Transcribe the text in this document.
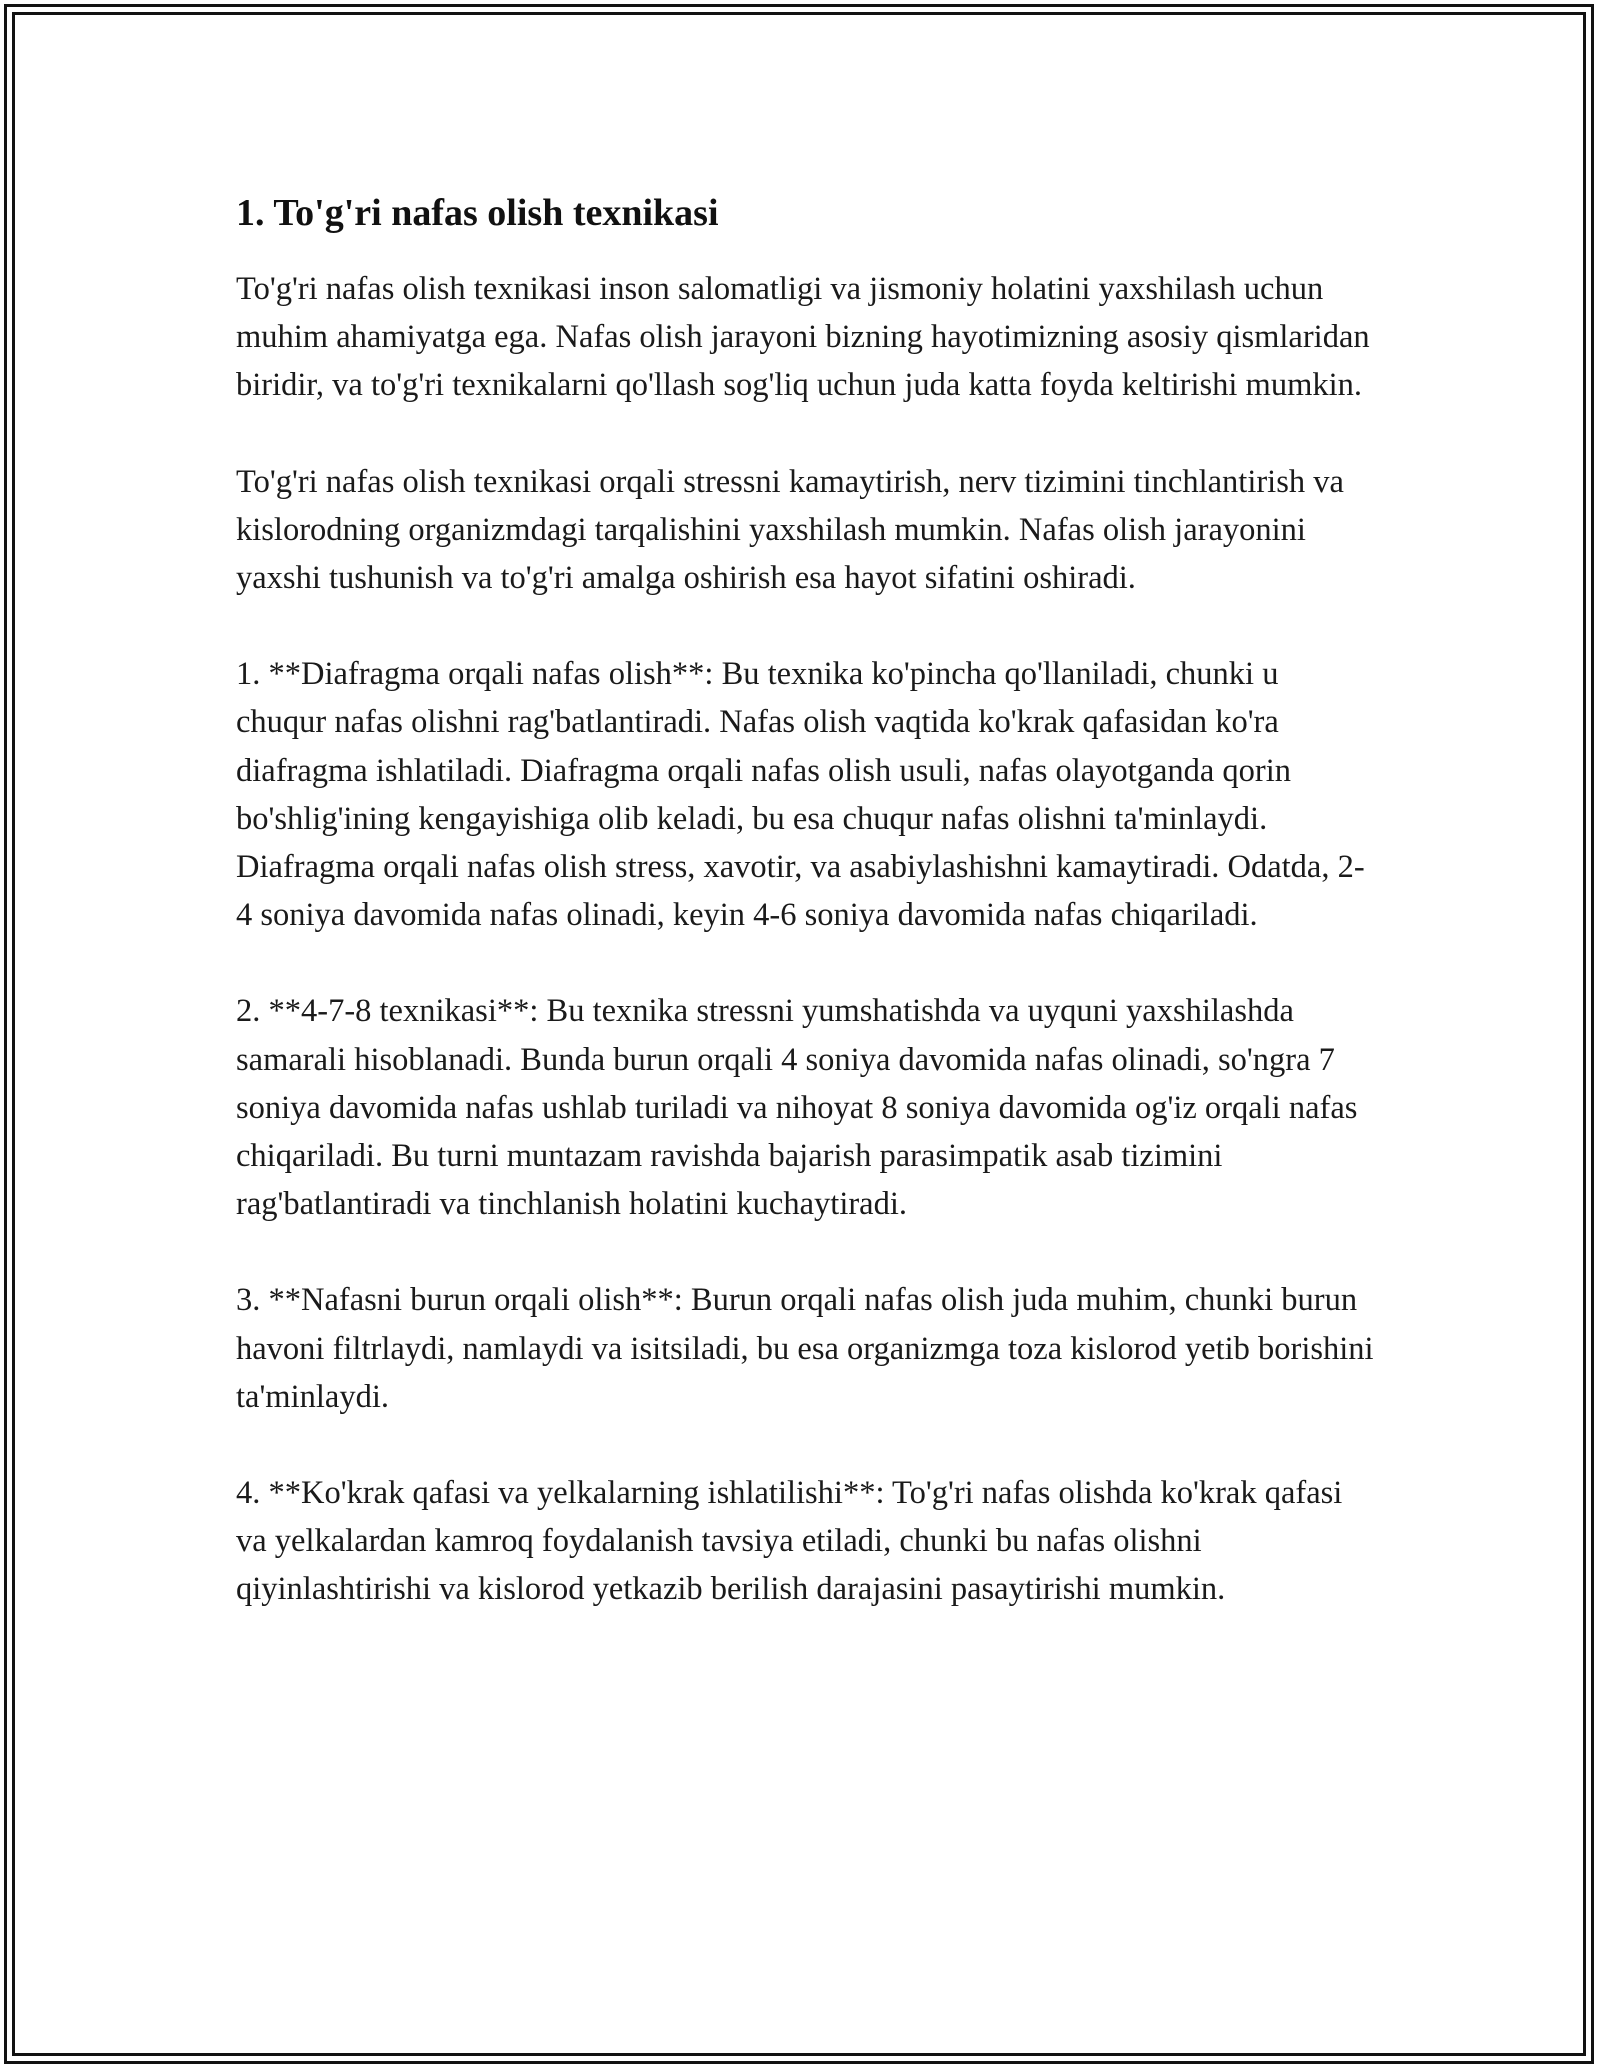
1. To'g'ri nafas olish texnikasi

To'g'ri nafas olish texnikasi inson salomatligi va jismoniy holatini yaxshilash uchun muhim ahamiyatga ega. Nafas olish jarayoni bizning hayotimizning asosiy qismlaridan biridir, va to'g'ri texnikalarni qo'llash sog'liq uchun juda katta foyda keltirishi mumkin.

To'g'ri nafas olish texnikasi orqali stressni kamaytirish, nerv tizimini tinchlantirish va kislorodning organizmdagi tarqalishini yaxshilash mumkin. Nafas olish jarayonini yaxshi tushunish va to'g'ri amalga oshirish esa hayot sifatini oshiradi.

1. **Diafragma orqali nafas olish**: Bu texnika ko'pincha qo'llaniladi, chunki u chuqur nafas olishni rag'batlantiradi. Nafas olish vaqtida ko'krak qafasidan ko'ra diafragma ishlatiladi. Diafragma orqali nafas olish usuli, nafas olayotganda qorin bo'shlig'ining kengayishiga olib keladi, bu esa chuqur nafas olishni ta'minlaydi. Diafragma orqali nafas olish stress, xavotir, va asabiylashishni kamaytiradi. Odatda, 2-4 soniya davomida nafas olinadi, keyin 4-6 soniya davomida nafas chiqariladi.

2. **4-7-8 texnikasi**: Bu texnika stressni yumshatishda va uyquni yaxshilashda samarali hisoblanadi. Bunda burun orqali 4 soniya davomida nafas olinadi, so'ngra 7 soniya davomida nafas ushlab turiladi va nihoyat 8 soniya davomida og'iz orqali nafas chiqariladi. Bu turni muntazam ravishda bajarish parasimpatik asab tizimini rag'batlantiradi va tinchlanish holatini kuchaytiradi.

3. **Nafasni burun orqali olish**: Burun orqali nafas olish juda muhim, chunki burun havoni filtrlaydi, namlaydi va isitsiladi, bu esa organizmga toza kislorod yetib borishini ta'minlaydi.

4. **Ko'krak qafasi va yelkalarning ishlatilishi**: To'g'ri nafas olishda ko'krak qafasi va yelkalardan kamroq foydalanish tavsiya etiladi, chunki bu nafas olishni qiyinlashtirishi va kislorod yetkazib berilish darajasini pasaytirishi mumkin.
